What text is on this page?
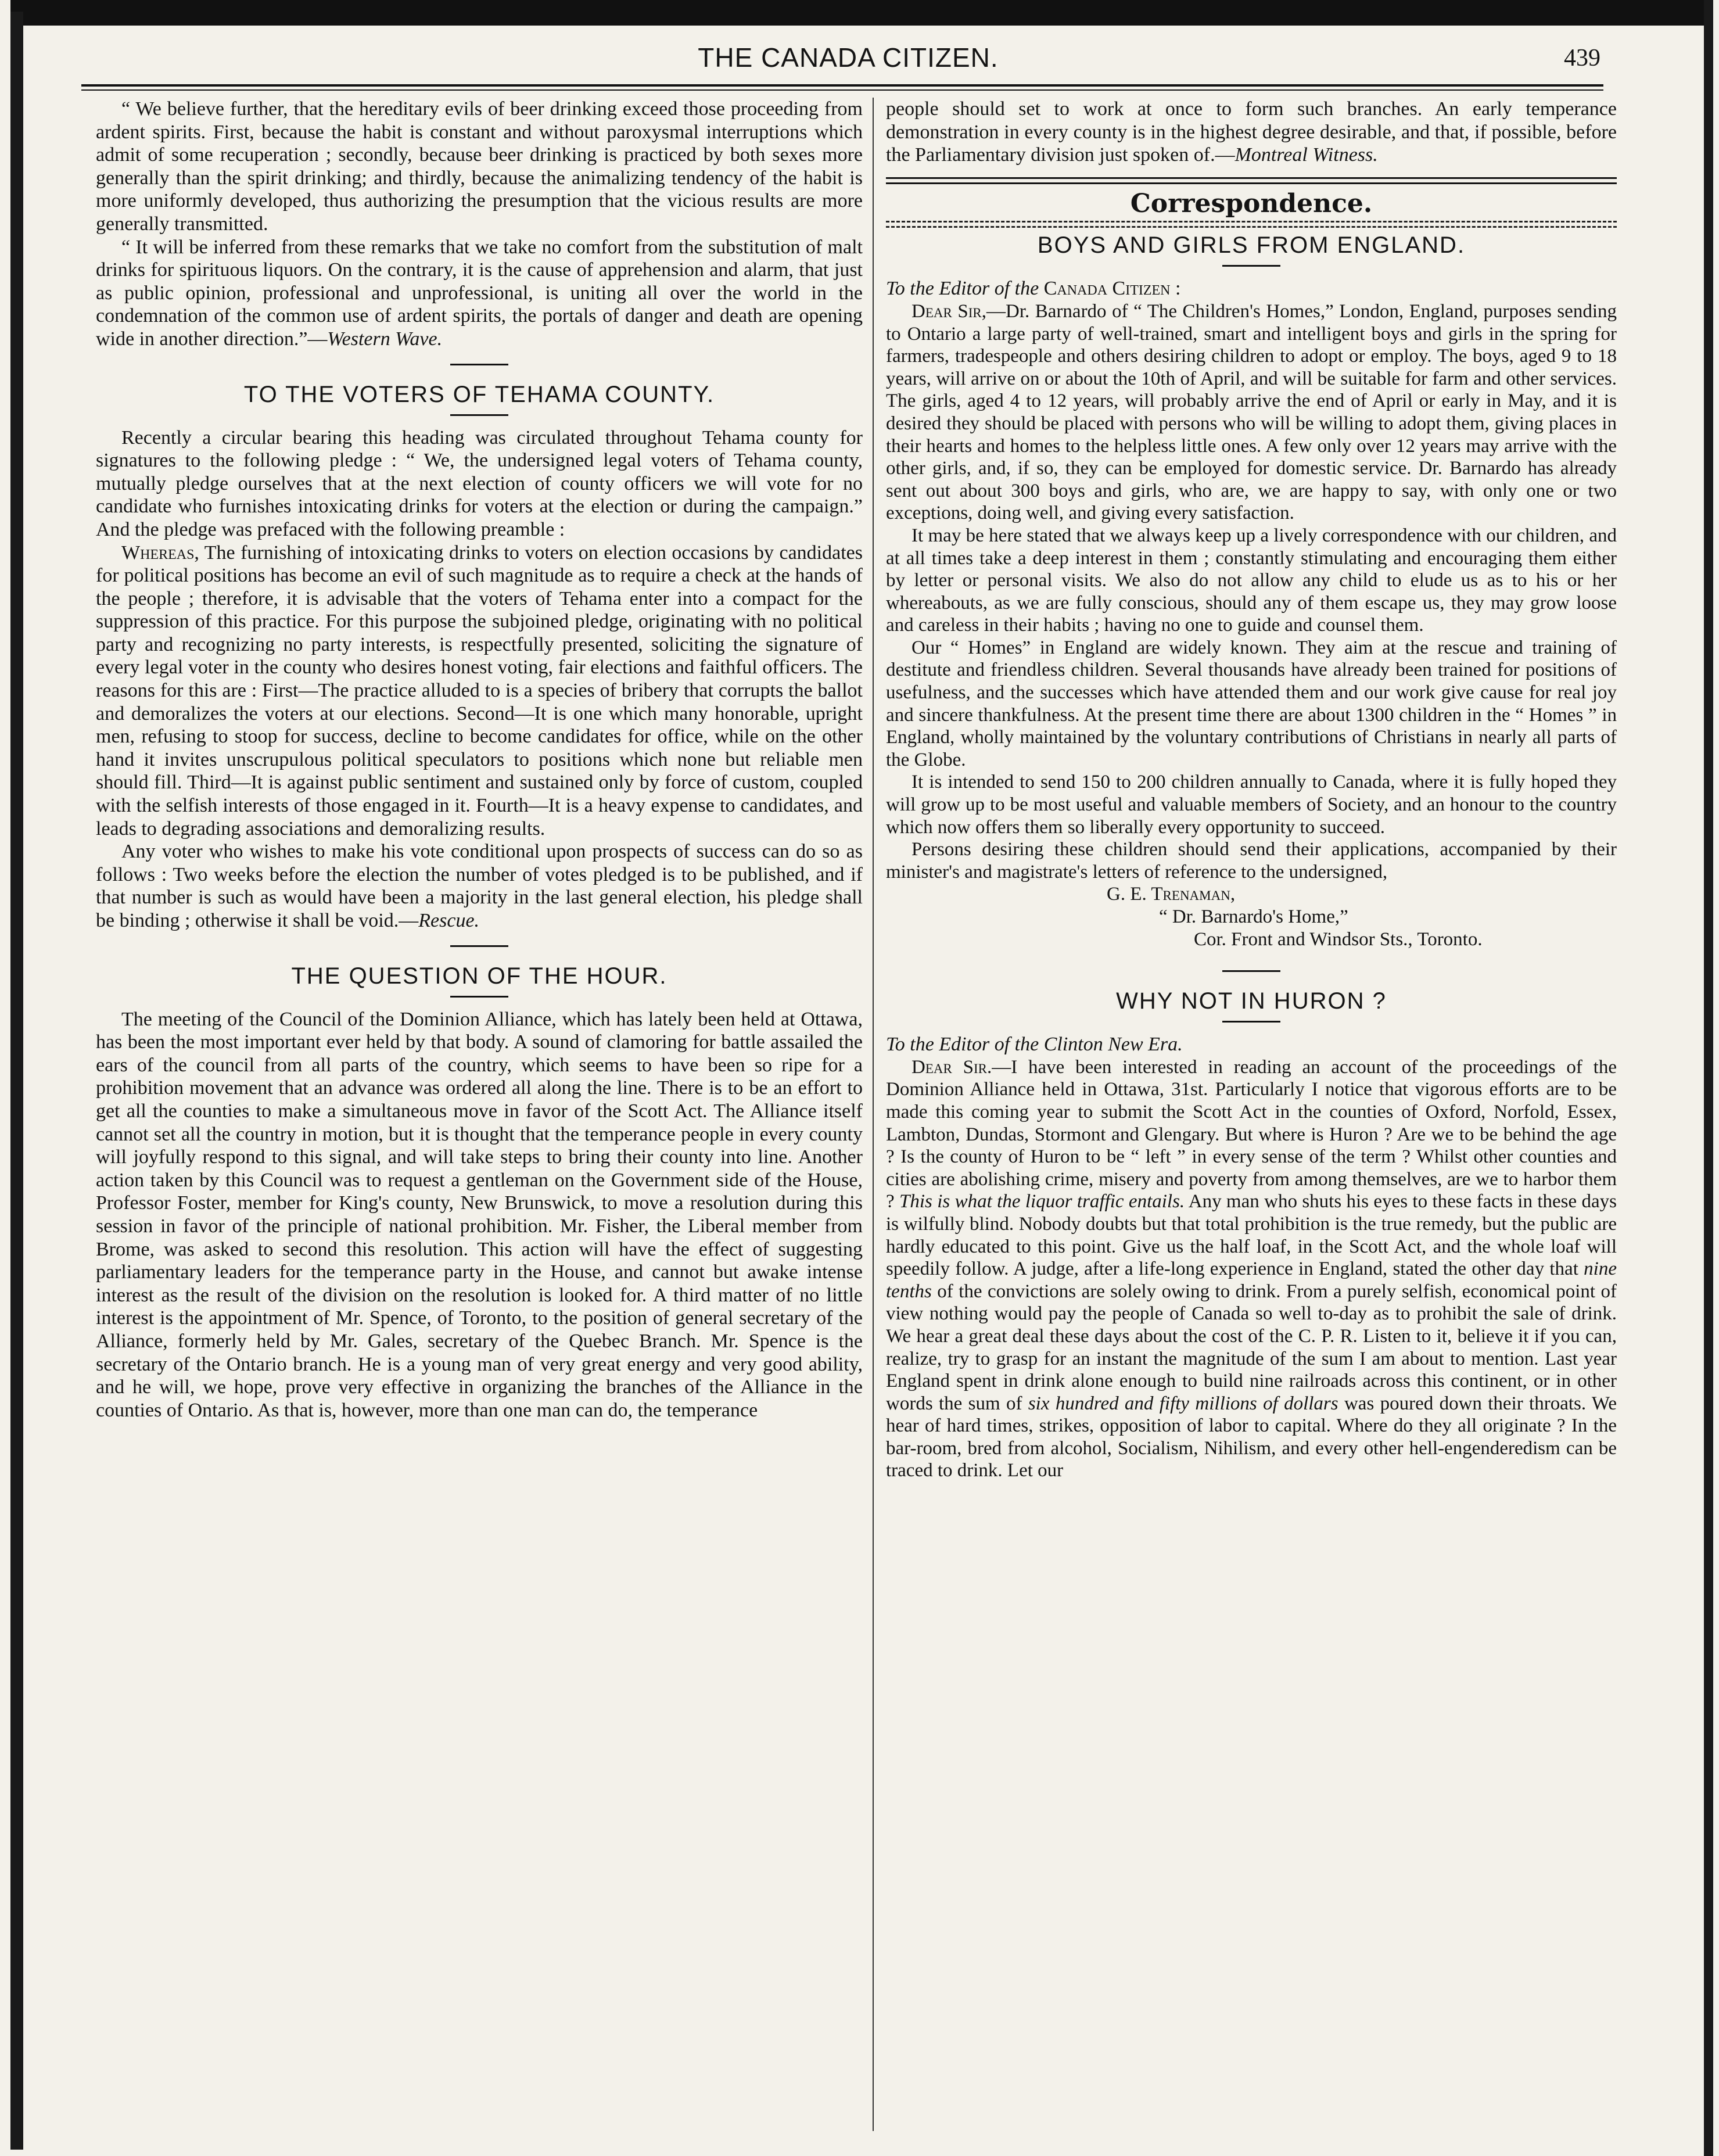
THE CANADA CITIZEN.	439

“ We believe further, that the hereditary evils of beer drinking exceed those proceeding from ardent spirits. First, because the habit is constant and without paroxysmal interruptions which admit of some recuperation ; secondly, because beer drinking is practiced by both sexes more generally than the spirit drinking; and thirdly, because the animalizing tendency of the habit is more uniformly developed, thus authorizing the presumption that the vicious results are more generally transmitted.

“ It will be inferred from these remarks that we take no comfort from the substitution of malt drinks for spirituous liquors. On the contrary, it is the cause of apprehension and alarm, that just as public opinion, professional and unprofessional, is uniting all over the world in the condemnation of the common use of ardent spirits, the portals of danger and death are opening wide in another direction.”—Western Wave.

TO THE VOTERS OF TEHAMA COUNTY.

Recently a circular bearing this heading was circulated throughout Tehama county for signatures to the following pledge : “ We, the undersigned legal voters of Tehama county, mutually pledge ourselves that at the next election of county officers we will vote for no candidate who furnishes intoxicating drinks for voters at the election or during the campaign.” And the pledge was prefaced with the following preamble :

Whereas, The furnishing of intoxicating drinks to voters on election occasions by candidates for political positions has become an evil of such magnitude as to require a check at the hands of the people ; therefore, it is advisable that the voters of Tehama enter into a compact for the suppression of this practice. For this purpose the subjoined pledge, originating with no political party and recognizing no party interests, is respectfully presented, soliciting the signature of every legal voter in the county who desires honest voting, fair elections and faithful officers. The reasons for this are : First—The practice alluded to is a species of bribery that corrupts the ballot and demoralizes the voters at our elections. Second—It is one which many honorable, upright men, refusing to stoop for success, decline to become candidates for office, while on the other hand it invites unscrupulous political speculators to positions which none but reliable men should fill. Third—It is against public sentiment and sustained only by force of custom, coupled with the selfish interests of those engaged in it. Fourth—It is a heavy expense to candidates, and leads to degrading associations and demoralizing results.

Any voter who wishes to make his vote conditional upon prospects of success can do so as follows : Two weeks before the election the number of votes pledged is to be published, and if that number is such as would have been a majority in the last general election, his pledge shall be binding ; otherwise it shall be void.—Rescue.

THE QUESTION OF THE HOUR.

The meeting of the Council of the Dominion Alliance, which has lately been held at Ottawa, has been the most important ever held by that body. A sound of clamoring for battle assailed the ears of the council from all parts of the country, which seems to have been so ripe for a prohibition movement that an advance was ordered all along the line. There is to be an effort to get all the counties to make a simultaneous move in favor of the Scott Act. The Alliance itself cannot set all the country in motion, but it is thought that the temperance people in every county will joyfully respond to this signal, and will take steps to bring their county into line. Another action taken by this Council was to request a gentleman on the Government side of the House, Professor Foster, member for King's county, New Brunswick, to move a resolution during this session in favor of the principle of national prohibition. Mr. Fisher, the Liberal member from Brome, was asked to second this resolution. This action will have the effect of suggesting parliamentary leaders for the temperance party in the House, and cannot but awake intense interest as the result of the division on the resolution is looked for. A third matter of no little interest is the appointment of Mr. Spence, of Toronto, to the position of general secretary of the Alliance, formerly held by Mr. Gales, secretary of the Quebec Branch. Mr. Spence is the secretary of the Ontario branch. He is a young man of very great energy and very good ability, and he will, we hope, prove very effective in organizing the branches of the Alliance in the counties of Ontario. As that is, however, more than one man can do, the temperance

people should set to work at once to form such branches. An early temperance demonstration in every county is in the highest degree desirable, and that, if possible, before the Parliamentary division just spoken of.—Montreal Witness.

Correspondence.
BOYS AND GIRLS FROM ENGLAND.

To the Editor of the Canada Citizen :

Dear Sir,—Dr. Barnardo of “ The Children's Homes,” London, England, purposes sending to Ontario a large party of well-trained, smart and intelligent boys and girls in the spring for farmers, tradespeople and others desiring children to adopt or employ. The boys, aged 9 to 18 years, will arrive on or about the 10th of April, and will be suitable for farm and other services. The girls, aged 4 to 12 years, will probably arrive the end of April or early in May, and it is desired they should be placed with persons who will be willing to adopt them, giving places in their hearts and homes to the helpless little ones. A few only over 12 years may arrive with the other girls, and, if so, they can be employed for domestic service. Dr. Barnardo has already sent out about 300 boys and girls, who are, we are happy to say, with only one or two exceptions, doing well, and giving every satisfaction.

It may be here stated that we always keep up a lively correspondence with our children, and at all times take a deep interest in them ; constantly stimulating and encouraging them either by letter or personal visits. We also do not allow any child to elude us as to his or her whereabouts, as we are fully conscious, should any of them escape us, they may grow loose and careless in their habits ; having no one to guide and counsel them.

Our “ Homes” in England are widely known. They aim at the rescue and training of destitute and friendless children. Several thousands have already been trained for positions of usefulness, and the successes which have attended them and our work give cause for real joy and sincere thankfulness. At the present time there are about 1300 children in the “ Homes ” in England, wholly maintained by the voluntary contributions of Christians in nearly all parts of the Globe.

It is intended to send 150 to 200 children annually to Canada, where it is fully hoped they will grow up to be most useful and valuable members of Society, and an honour to the country which now offers them so liberally every opportunity to succeed.

Persons desiring these children should send their applications, accompanied by their minister's and magistrate's letters of reference to the undersigned,

G. E. Trenaman,

“ Dr. Barnardo's Home,”

Cor. Front and Windsor Sts., Toronto.

WHY NOT IN HURON ?

To the Editor of the Clinton New Era.

Dear Sir.—I have been interested in reading an account of the proceedings of the Dominion Alliance held in Ottawa, 31st. Particularly I notice that vigorous efforts are to be made this coming year to submit the Scott Act in the counties of Oxford, Norfold, Essex, Lambton, Dundas, Stormont and Glengary. But where is Huron ? Are we to be behind the age ? Is the county of Huron to be “ left ” in every sense of the term ? Whilst other counties and cities are abolishing crime, misery and poverty from among themselves, are we to harbor them ? This is what the liquor traffic entails. Any man who shuts his eyes to these facts in these days is wilfully blind. Nobody doubts but that total prohibition is the true remedy, but the public are hardly educated to this point. Give us the half loaf, in the Scott Act, and the whole loaf will speedily follow. A judge, after a life-long experience in England, stated the other day that nine tenths of the convictions are solely owing to drink. From a purely selfish, economical point of view nothing would pay the people of Canada so well to-day as to prohibit the sale of drink. We hear a great deal these days about the cost of the C. P. R. Listen to it, believe it if you can, realize, try to grasp for an instant the magnitude of the sum I am about to mention. Last year England spent in drink alone enough to build nine railroads across this continent, or in other words the sum of six hundred and fifty millions of dollars was poured down their throats. We hear of hard times, strikes, opposition of labor to capital. Where do they all originate ? In the bar-room, bred from alcohol, Socialism, Nihilism, and every other hell-engenderedism can be traced to drink. Let our
